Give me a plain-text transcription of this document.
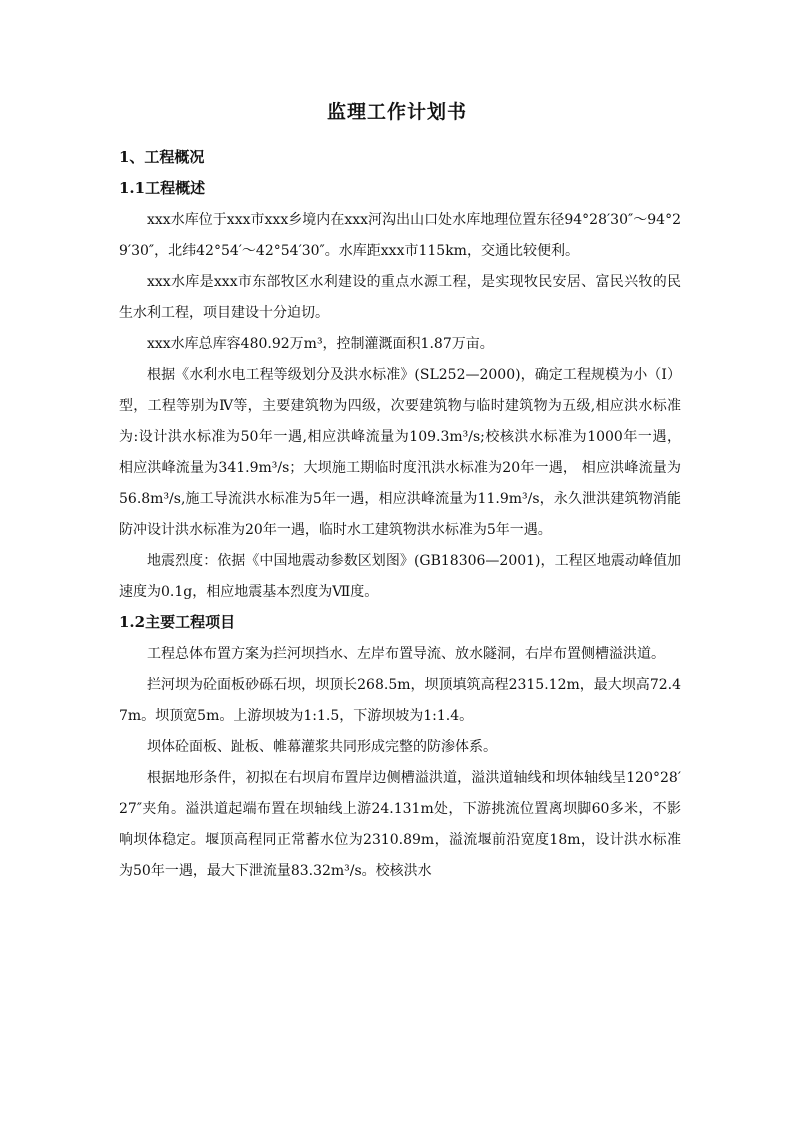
监理工作计划书
1、工程概况
1.1工程概述

xxx水库位于xxx市xxx乡境内在xxx河沟出山口处水库地理位置东径94°28′30″～94°29′30″，北纬42°54′～42°54′30″。水库距xxx市115km，交通比较便利。

xxx水库是xxx市东部牧区水利建设的重点水源工程，是实现牧民安居、富民兴牧的民生水利工程，项目建设十分迫切。

xxx水库总库容480.92万m³，控制灌溉面积1.87万亩。

根据《水利水电工程等级划分及洪水标准》(SL252—2000)，确定工程规模为小（Ⅰ）型，工程等别为Ⅳ等，主要建筑物为四级，次要建筑物与临时建筑物为五级,相应洪水标准为:设计洪水标准为50年一遇,相应洪峰流量为109.3m³/s;校核洪水标准为1000年一遇， 相应洪峰流量为341.9m³/s；大坝施工期临时度汛洪水标准为20年一遇， 相应洪峰流量为56.8m³/s,施工导流洪水标准为5年一遇，相应洪峰流量为11.9m³/s，永久泄洪建筑物消能防冲设计洪水标准为20年一遇，临时水工建筑物洪水标准为5年一遇。

地震烈度：依据《中国地震动参数区划图》(GB18306—2001)，工程区地震动峰值加速度为0.1g，相应地震基本烈度为Ⅶ度。

1.2主要工程项目

工程总体布置方案为拦河坝挡水、左岸布置导流、放水隧洞，右岸布置侧槽溢洪道。

拦河坝为砼面板砂砾石坝，坝顶长268.5m，坝顶填筑高程2315.12m，最大坝高72.47m。坝顶宽5m。上游坝坡为1:1.5，下游坝坡为1:1.4。

坝体砼面板、趾板、帷幕灌浆共同形成完整的防渗体系。

根据地形条件，初拟在右坝肩布置岸边侧槽溢洪道，溢洪道轴线和坝体轴线呈120°28′27″夹角。溢洪道起端布置在坝轴线上游24.131m处，下游挑流位置离坝脚60多米，不影响坝体稳定。堰顶高程同正常蓄水位为2310.89m，溢流堰前沿宽度18m，设计洪水标准为50年一遇，最大下泄流量83.32m³/s。校核洪水
